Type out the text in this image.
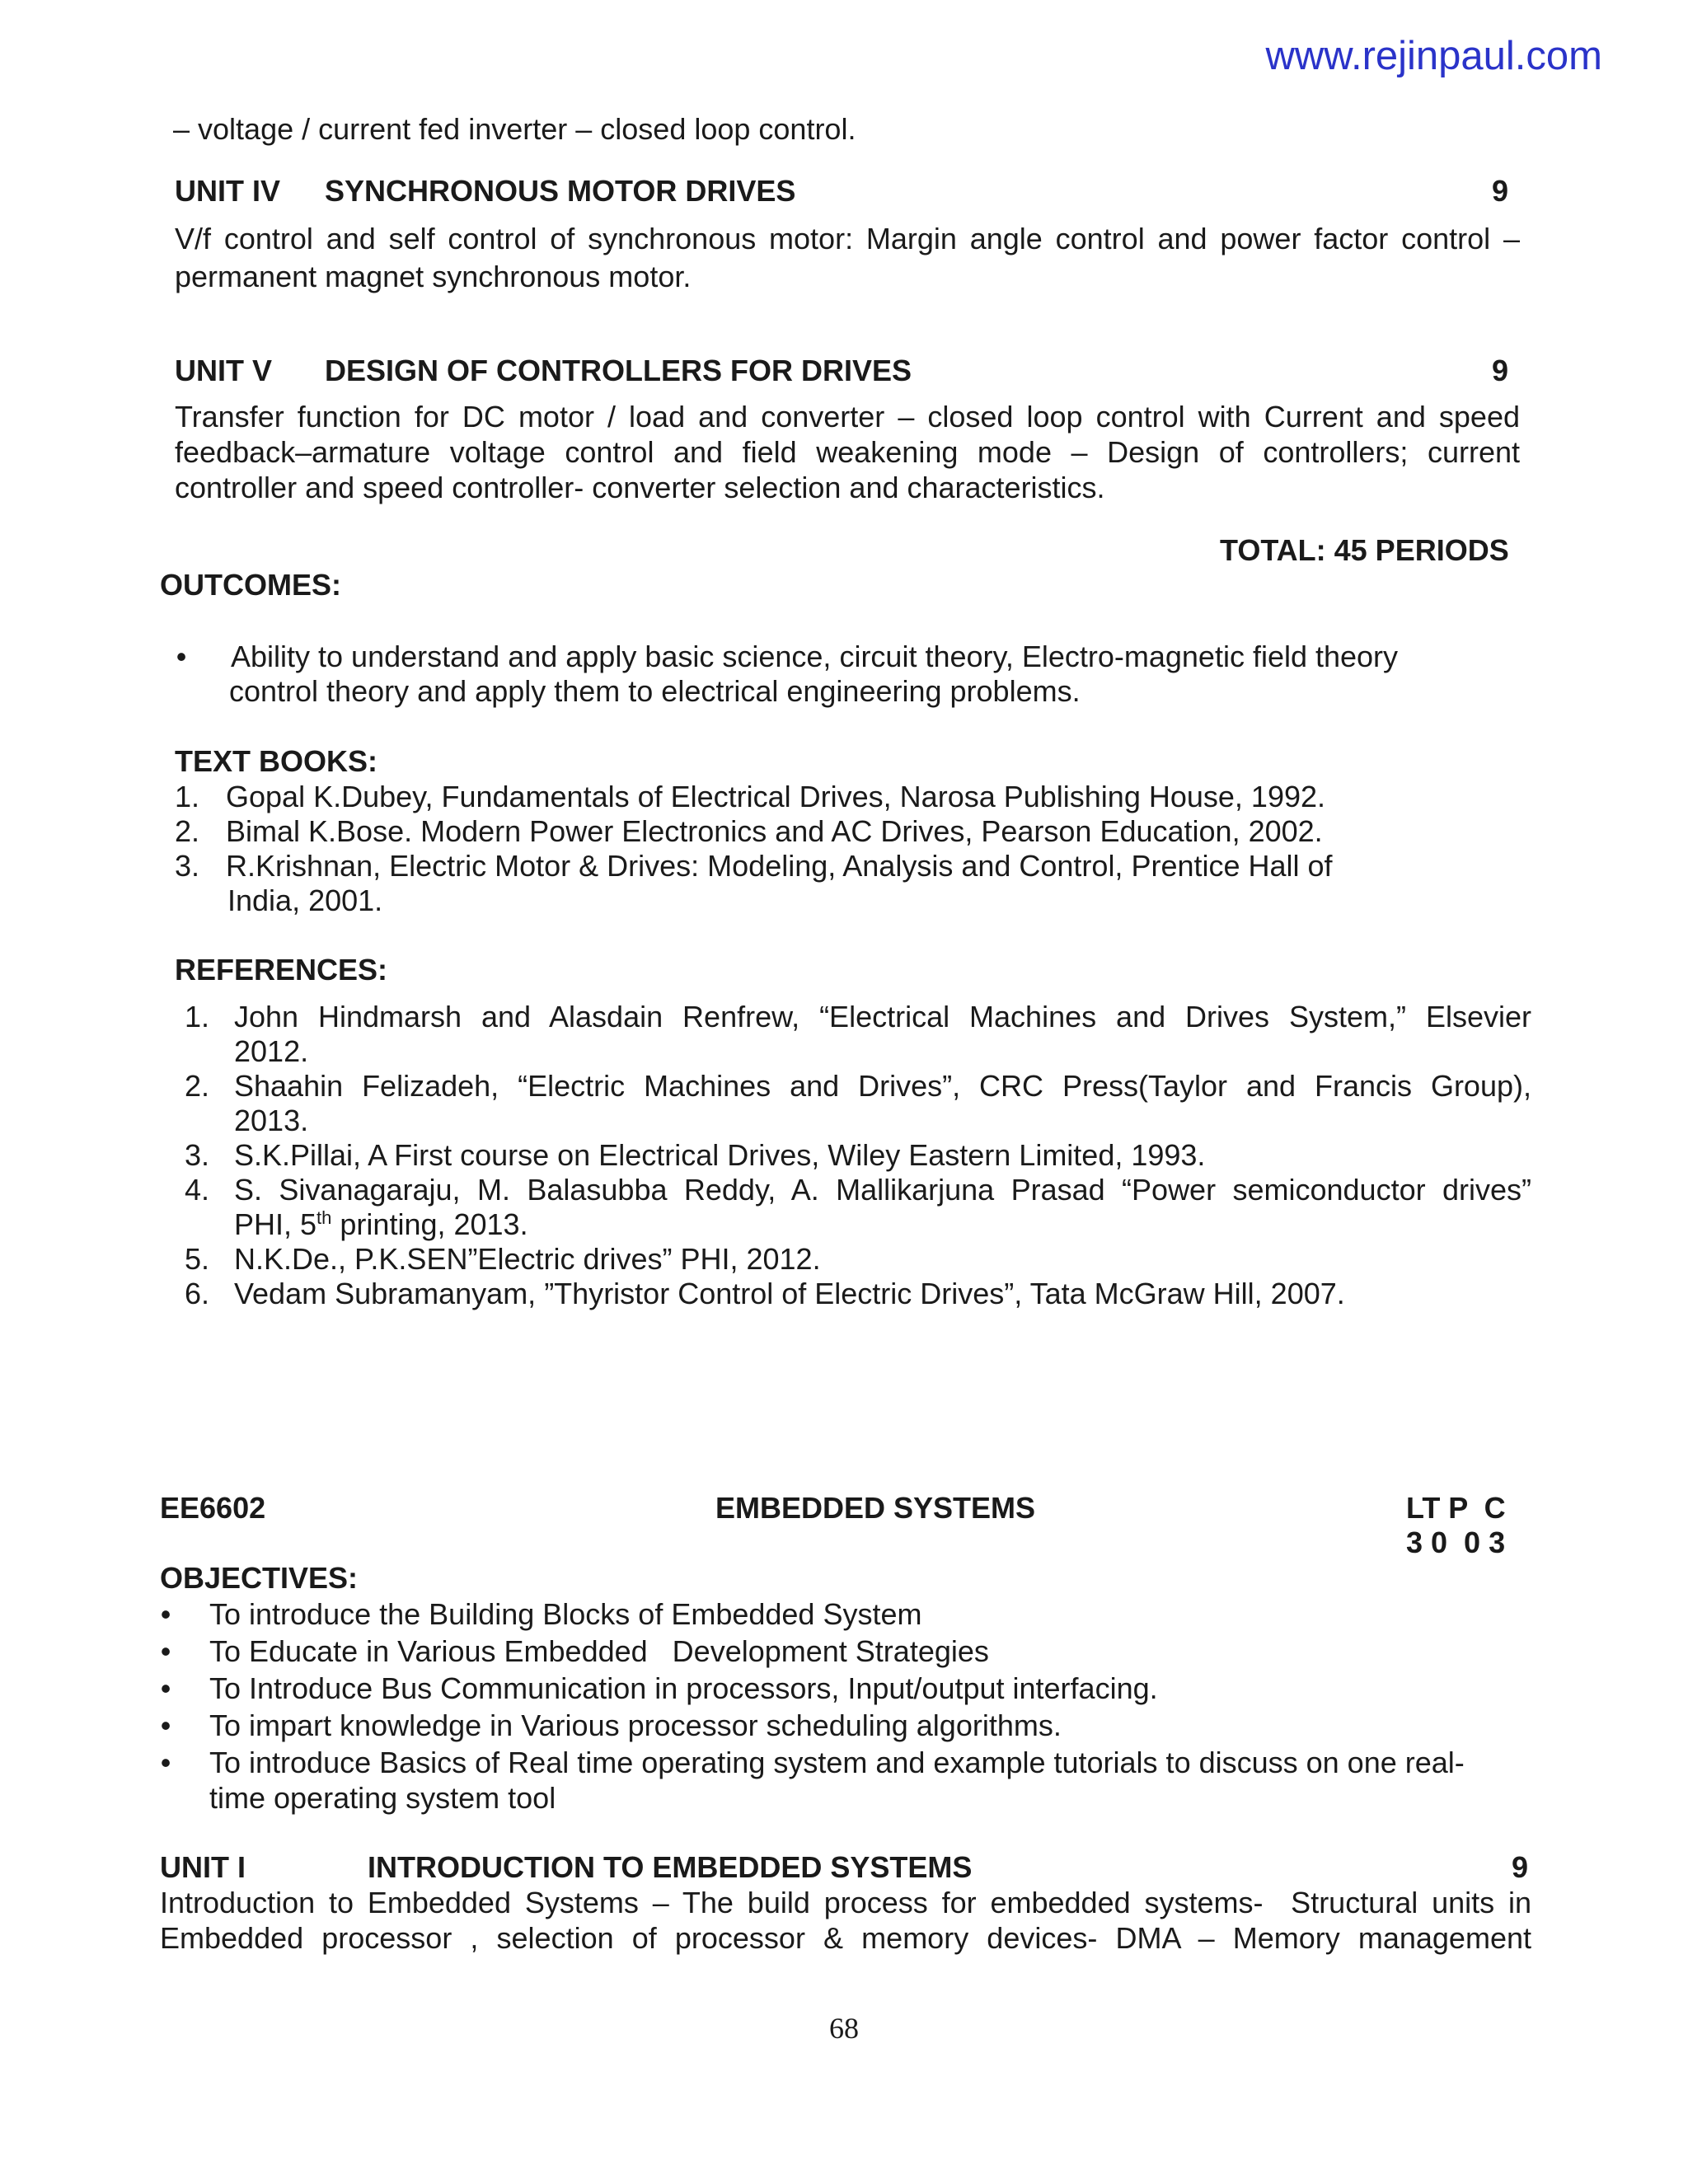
www.rejinpaul.com
– voltage / current fed inverter – closed loop control.
UNIT IV SYNCHRONOUS MOTOR DRIVES	9
V/f control and self control of synchronous motor: Margin angle control and power factor control –
permanent magnet synchronous motor.
UNIT V DESIGN OF CONTROLLERS FOR DRIVES	9
Transfer function for DC motor / load and converter – closed loop control with Current and speed
feedback–armature voltage control and field weakening mode – Design of controllers; current
controller and speed controller- converter selection and characteristics.
TOTAL: 45 PERIODS
OUTCOMES:
• Ability to understand and apply basic science, circuit theory, Electro-magnetic field theory
control theory and apply them to electrical engineering problems.
TEXT BOOKS:
1. Gopal K.Dubey, Fundamentals of Electrical Drives, Narosa Publishing House, 1992.
2. Bimal K.Bose. Modern Power Electronics and AC Drives, Pearson Education, 2002.
3. R.Krishnan, Electric Motor & Drives: Modeling, Analysis and Control, Prentice Hall of
India, 2001.
REFERENCES:
1. John Hindmarsh and Alasdain Renfrew, “Electrical Machines and Drives System,” Elsevier
2012.
2. Shaahin Felizadeh, “Electric Machines and Drives”, CRC Press(Taylor and Francis Group),
2013.
3. S.K.Pillai, A First course on Electrical Drives, Wiley Eastern Limited, 1993.
4. S. Sivanagaraju, M. Balasubba Reddy, A. Mallikarjuna Prasad “Power semiconductor drives”
PHI, 5th printing, 2013.
5. N.K.De., P.K.SEN”Electric drives” PHI, 2012.
6. Vedam Subramanyam, ”Thyristor Control of Electric Drives”, Tata McGraw Hill, 2007.
EE6602	EMBEDDED SYSTEMS	LT P  C
3 0  0 3
OBJECTIVES:
• To introduce the Building Blocks of Embedded System
• To Educate in Various Embedded   Development Strategies
• To Introduce Bus Communication in processors, Input/output interfacing.
• To impart knowledge in Various processor scheduling algorithms.
• To introduce Basics of Real time operating system and example tutorials to discuss on one real-
time operating system tool
UNIT I	INTRODUCTION TO EMBEDDED SYSTEMS	9
Introduction to Embedded Systems – The build process for embedded systems-  Structural units in
Embedded processor , selection of processor & memory devices- DMA – Memory management
68
